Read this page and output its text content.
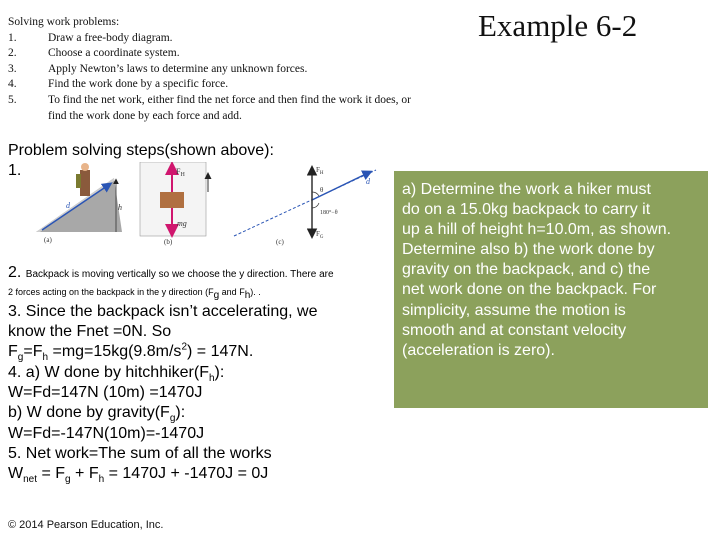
Solving work problems:
1.	Draw a free-body diagram.
2.	Choose a coordinate system.
3.	Apply Newton’s laws to determine any unknown forces.
4.	Find the work done by a specific force.
5.	To find the net work, either find the net force and then find the work it does, or
find the work done by each force and add.
Example 6-2
Problem solving steps(shown above):
1.
2. Backpack is moving vertically so we choose the y direction. There are
2 forces acting on the backpack in the y direction ($F_g$ and $F_h$). .
3. Since the backpack isn’t accelerating, we
know the Fnet =0N. So
$F_g=F_h =mg=15kg(9.8m/s^2) = 147N$.
4. a) W done by $hitchhiker(F_h)$:
W=Fd=147N (10m) =1470J
b) W done by $gravity(F_g)$:
W=Fd=-147N(10m)=-1470J
5. Net work=The sum of all the works
$W_{net} = F_g + F_h = 1470J + -1470J = 0J$
h
d
(a)
$F_H$
mg
(b)
$F_H$
θ
180°−θ
$F_G$
d
(c)
a) Determine the work a hiker must
do on a 15.0kg backpack to carry it
up a hill of height h=10.0m, as shown.
Determine also b) the work done by
gravity on the backpack, and c) the
net work done on the backpack. For
simplicity, assume the motion is
smooth and at constant velocity
(acceleration is zero).
© 2014 Pearson Education, Inc.
